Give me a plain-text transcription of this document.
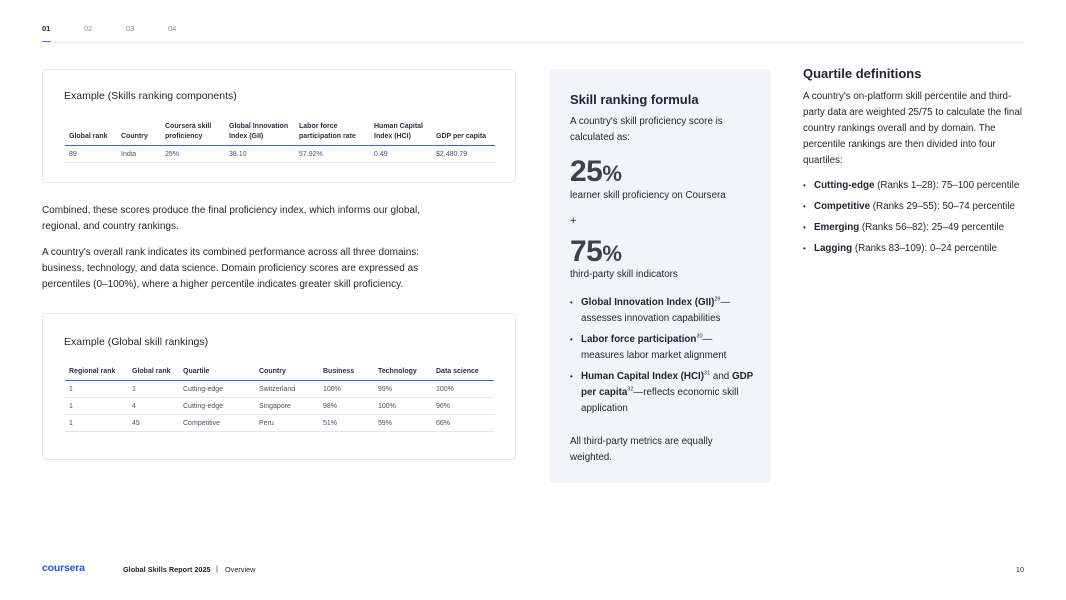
01	02	03	04
Example (Skills ranking components)
Global rank	Country	Coursera skill proficiency	Global Innovation Index (GII)	Labor force participation rate	Human Capital Index (HCI)	GDP per capita
89	India	25%	38.10	57.92%	0.49	$2,480.79

Combined, these scores produce the final proficiency index, which informs our global, regional, and country rankings.

A country's overall rank indicates its combined performance across all three domains: business, technology, and data science. Domain proficiency scores are expressed as percentiles (0–100%), where a higher percentile indicates greater skill proficiency.

Example (Global skill rankings)
Regional rank	Global rank	Quartile	Country	Business	Technology	Data science
1	1	Cutting-edge	Switzerland	100%	99%	100%
1	4	Cutting-edge	Singapore	98%	100%	96%
1	45	Competitive	Peru	51%	59%	66%
Skill ranking formula
A country's skill proficiency score is calculated as:
25%
learner skill proficiency on Coursera
+
75%
third-party skill indicators
• Global Innovation Index (GII)$^{29}$—assesses innovation capabilities
• Labor force participation$^{30}$—measures labor market alignment
• Human Capital Index (HCI)$^{31}$ and GDP per capita$^{32}$—reflects economic skill application
All third-party metrics are equally weighted.
Quartile definitions
A country's on-platform skill percentile and third-party data are weighted 25/75 to calculate the final country rankings overall and by domain. The percentile rankings are then divided into four quartiles:
• Cutting-edge (Ranks 1–28): 75–100 percentile
• Competitive (Ranks 29–55): 50–74 percentile
• Emerging (Ranks 56–82): 25–49 percentile
• Lagging (Ranks 83–109): 0–24 percentile
coursera	Global Skills Report 2025 | Overview	10
